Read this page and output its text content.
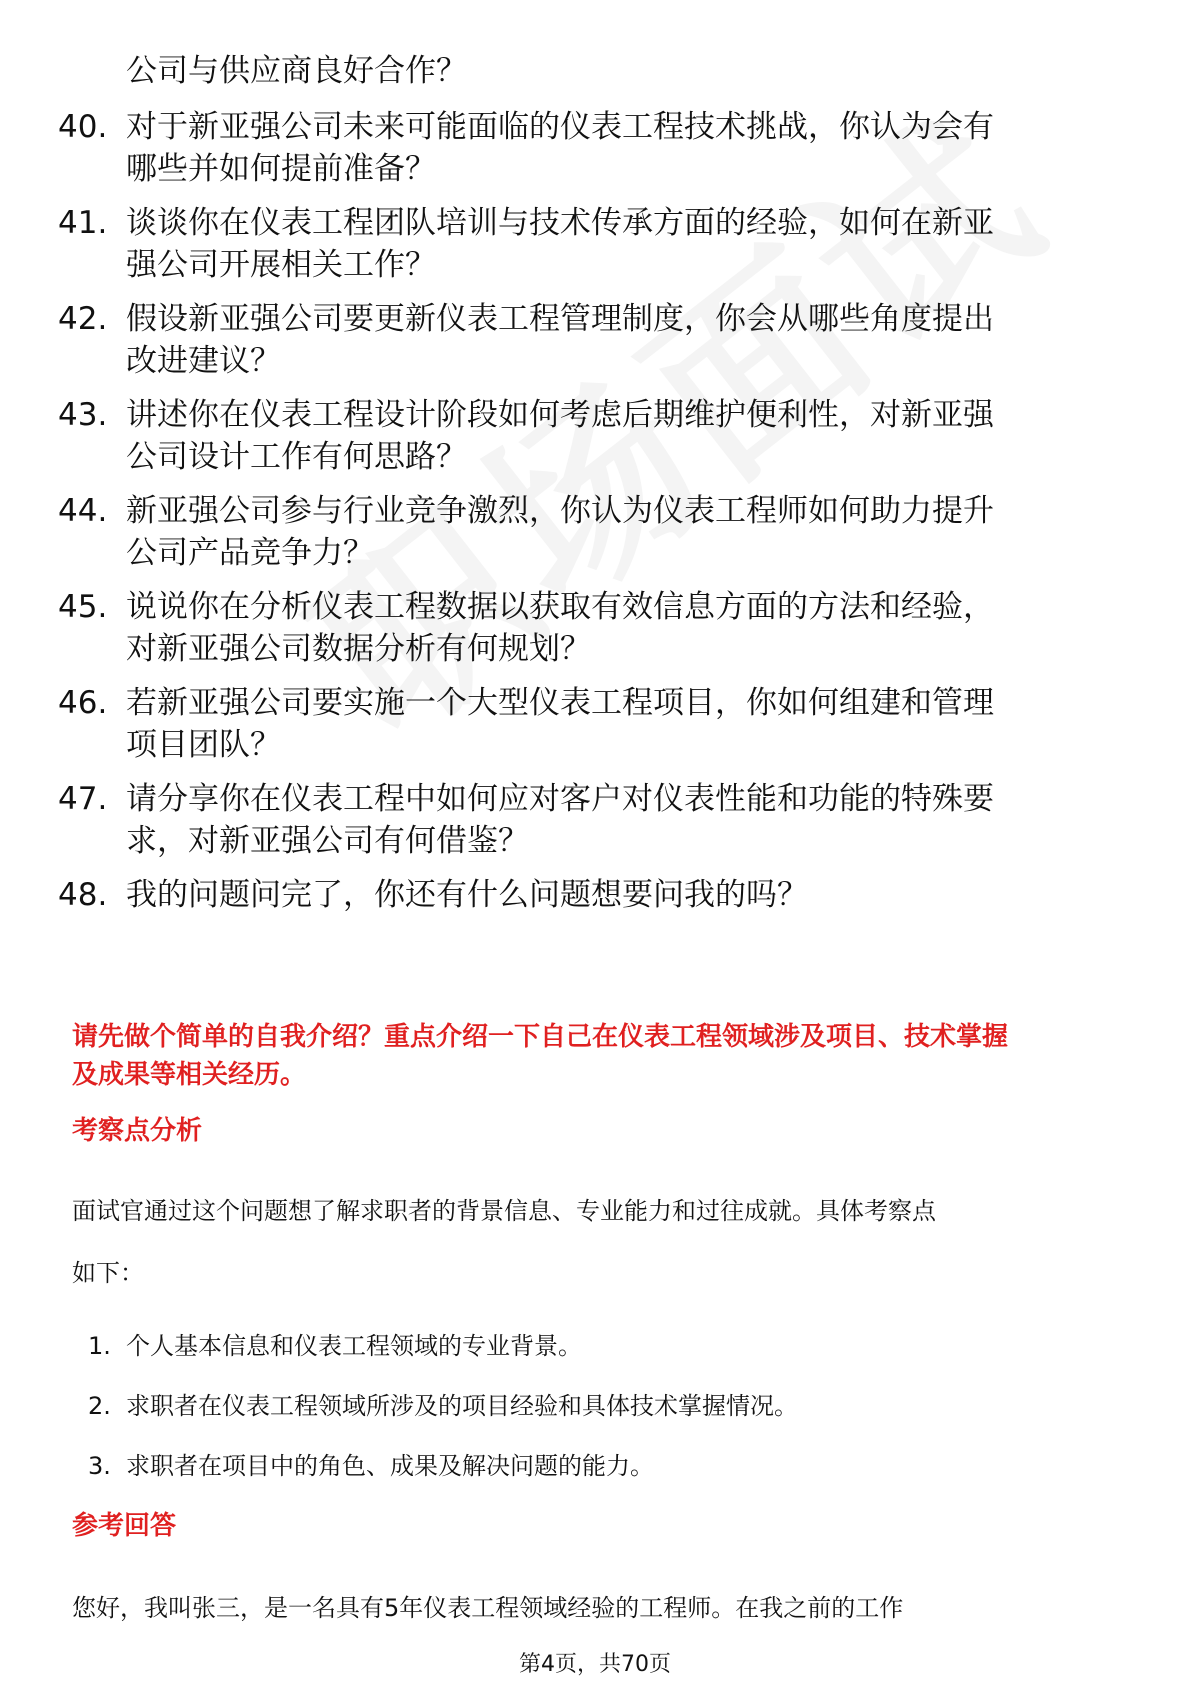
公司与供应商良好合作？
40. 对于新亚强公司未来可能面临的仪表工程技术挑战，你认为会有
哪些并如何提前准备？
41. 谈谈你在仪表工程团队培训与技术传承方面的经验，如何在新亚
强公司开展相关工作？
42. 假设新亚强公司要更新仪表工程管理制度，你会从哪些角度提出
改进建议？
43. 讲述你在仪表工程设计阶段如何考虑后期维护便利性，对新亚强
公司设计工作有何思路？
44. 新亚强公司参与行业竞争激烈，你认为仪表工程师如何助力提升
公司产品竞争力？
45. 说说你在分析仪表工程数据以获取有效信息方面的方法和经验，
对新亚强公司数据分析有何规划？
46. 若新亚强公司要实施一个大型仪表工程项目，你如何组建和管理
项目团队？
47. 请分享你在仪表工程中如何应对客户对仪表性能和功能的特殊要
求，对新亚强公司有何借鉴？
48. 我的问题问完了，你还有什么问题想要问我的吗？
请先做个简单的自我介绍？重点介绍一下自己在仪表工程领域涉及项目、技术掌握
及成果等相关经历。
考察点分析
面试官通过这个问题想了解求职者的背景信息、专业能力和过往成就。具体考察点
如下：
1. 个人基本信息和仪表工程领域的专业背景。
2. 求职者在仪表工程领域所涉及的项目经验和具体技术掌握情况。
3. 求职者在项目中的角色、成果及解决问题的能力。
参考回答
您好，我叫张三，是一名具有5年仪表工程领域经验的工程师。在我之前的工作
第4页，共70页
